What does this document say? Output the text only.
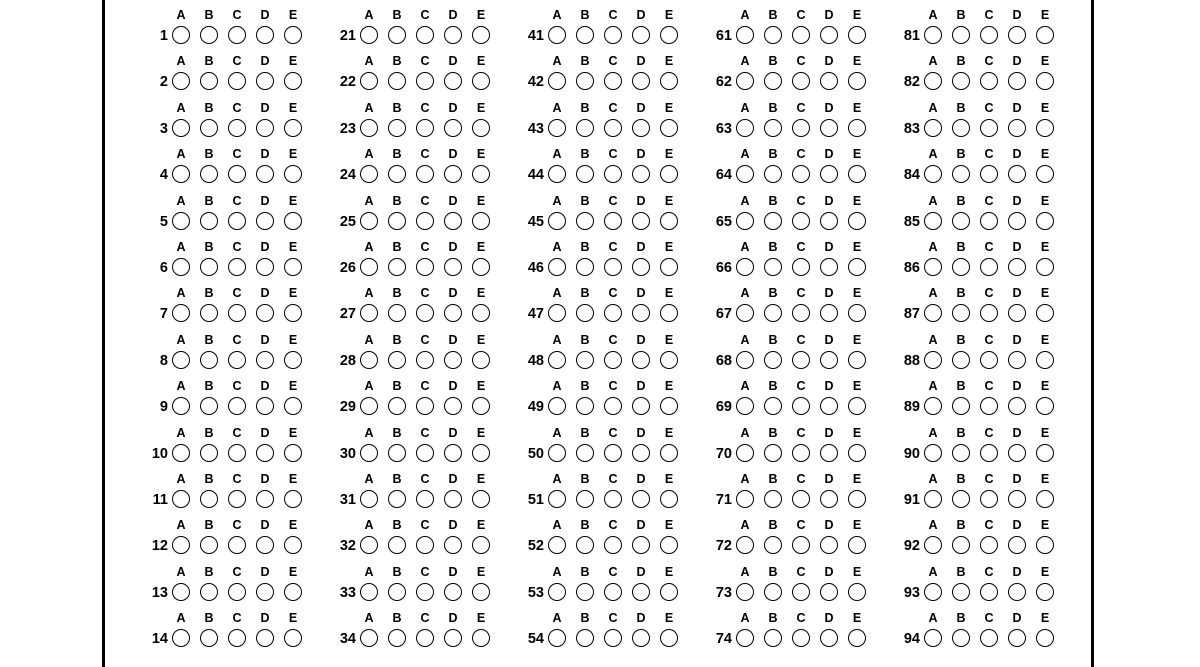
1
A	B	C	D	E
2
A	B	C	D	E
3
A	B	C	D	E
4
A	B	C	D	E
5
A	B	C	D	E
6
A	B	C	D	E
7
A	B	C	D	E
8
A	B	C	D	E
9
A	B	C	D	E
10
A	B	C	D	E
11
A	B	C	D	E
12
A	B	C	D	E
13
A	B	C	D	E
14
A	B	C	D	E
21
A	B	C	D	E
22
A	B	C	D	E
23
A	B	C	D	E
24
A	B	C	D	E
25
A	B	C	D	E
26
A	B	C	D	E
27
A	B	C	D	E
28
A	B	C	D	E
29
A	B	C	D	E
30
A	B	C	D	E
31
A	B	C	D	E
32
A	B	C	D	E
33
A	B	C	D	E
34
A	B	C	D	E
41
A	B	C	D	E
42
A	B	C	D	E
43
A	B	C	D	E
44
A	B	C	D	E
45
A	B	C	D	E
46
A	B	C	D	E
47
A	B	C	D	E
48
A	B	C	D	E
49
A	B	C	D	E
50
A	B	C	D	E
51
A	B	C	D	E
52
A	B	C	D	E
53
A	B	C	D	E
54
A	B	C	D	E
61
A	B	C	D	E
62
A	B	C	D	E
63
A	B	C	D	E
64
A	B	C	D	E
65
A	B	C	D	E
66
A	B	C	D	E
67
A	B	C	D	E
68
A	B	C	D	E
69
A	B	C	D	E
70
A	B	C	D	E
71
A	B	C	D	E
72
A	B	C	D	E
73
A	B	C	D	E
74
A	B	C	D	E
81
A	B	C	D	E
82
A	B	C	D	E
83
A	B	C	D	E
84
A	B	C	D	E
85
A	B	C	D	E
86
A	B	C	D	E
87
A	B	C	D	E
88
A	B	C	D	E
89
A	B	C	D	E
90
A	B	C	D	E
91
A	B	C	D	E
92
A	B	C	D	E
93
A	B	C	D	E
94
A	B	C	D	E
